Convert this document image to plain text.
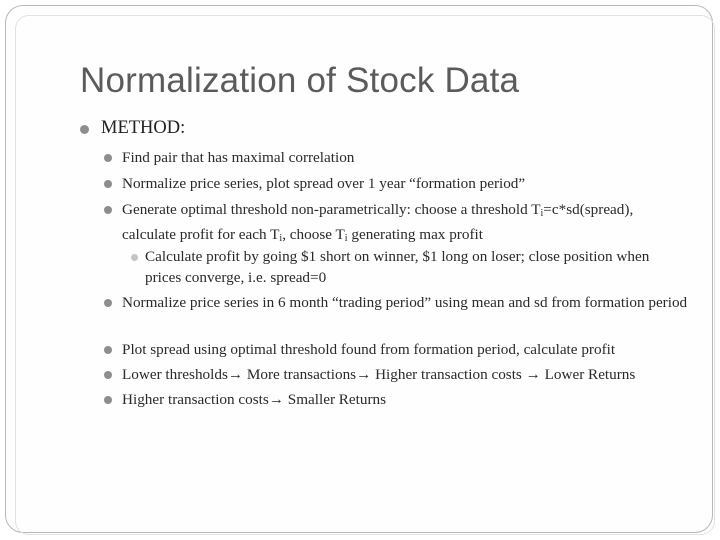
Normalization of Stock Data
METHOD:
Find pair that has maximal correlation
Normalize price series, plot spread over 1 year “formation period”
Generate optimal threshold non-parametrically: choose a threshold $T_i=c*sd(spread)$,
calculate profit for each $T_i$, choose $T_i$ generating max profit
Calculate profit by going $1 short on winner, $1 long on loser; close position when prices converge, i.e. spread=0
Normalize price series in 6 month “trading period” using mean and sd from formation period
Plot spread using optimal threshold found from formation period, calculate profit
Lower thresholds→ More transactions→ Higher transaction costs → Lower Returns
Higher transaction costs→ Smaller Returns
